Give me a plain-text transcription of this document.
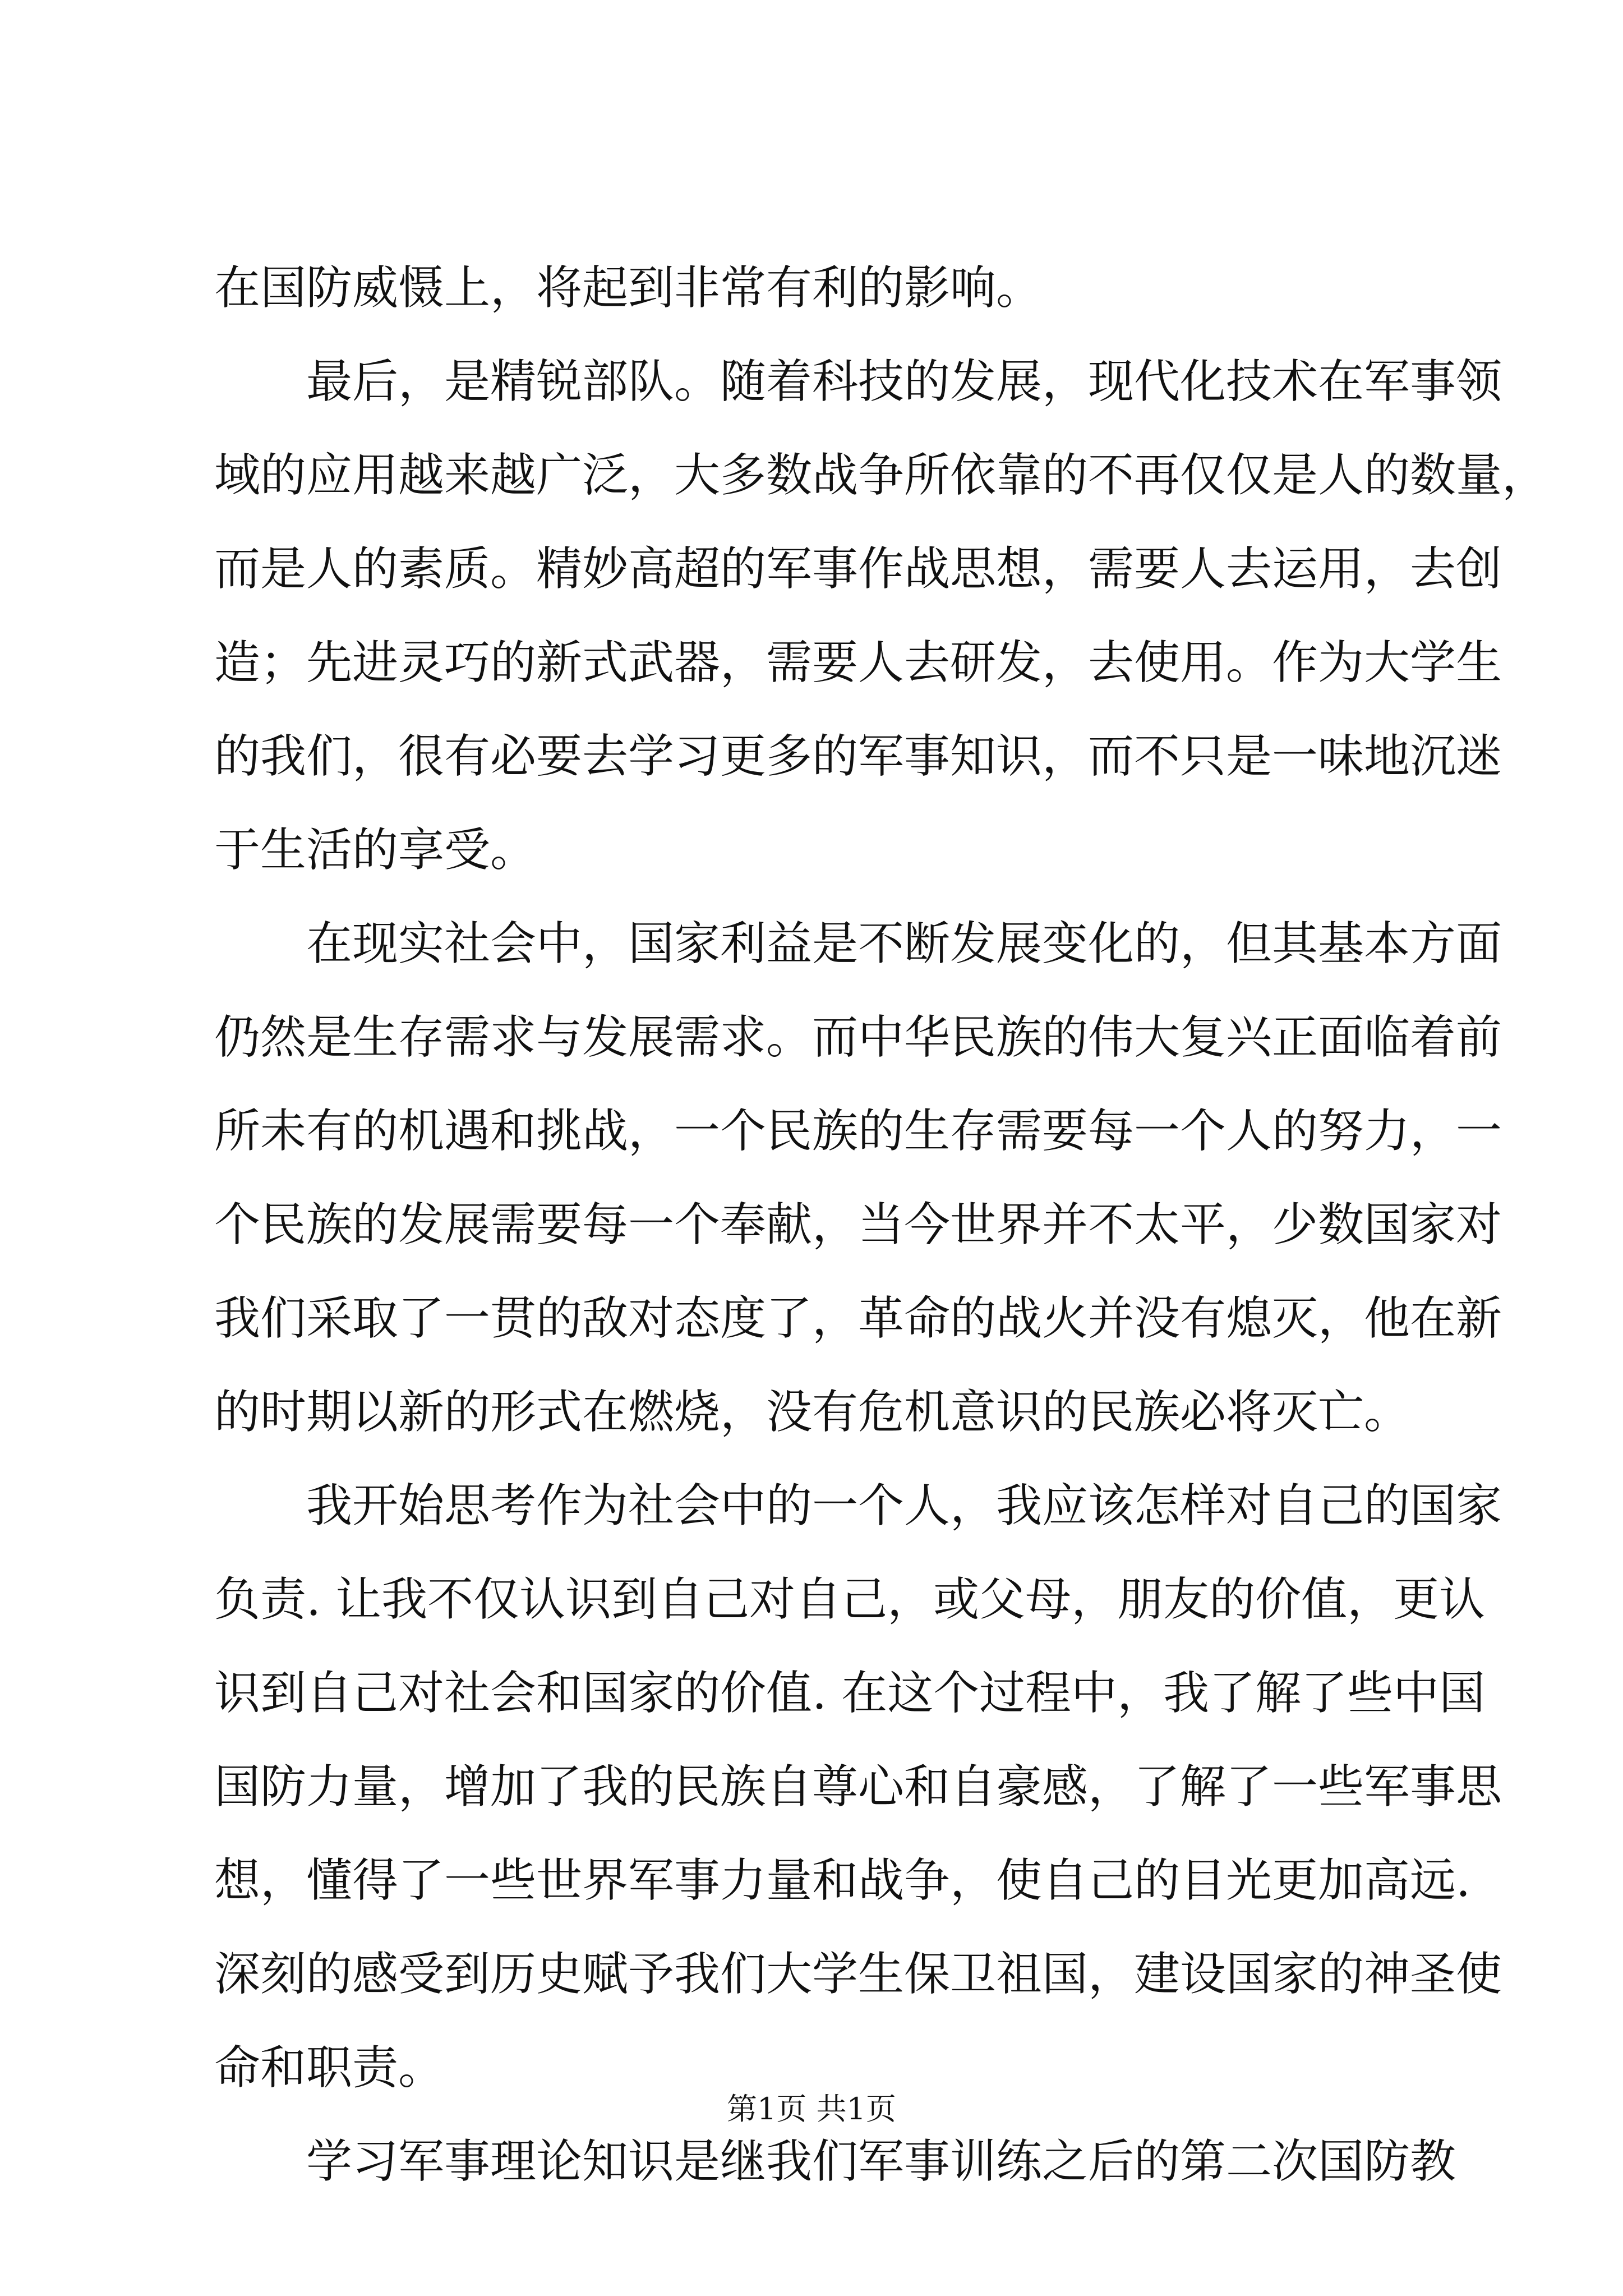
在国防威慑上，将起到非常有利的影响。
最后，是精锐部队。随着科技的发展，现代化技术在军事领
域的应用越来越广泛，大多数战争所依靠的不再仅仅是人的数量，
而是人的素质。精妙高超的军事作战思想，需要人去运用，去创
造；先进灵巧的新式武器，需要人去研发，去使用。作为大学生
的我们，很有必要去学习更多的军事知识，而不只是一味地沉迷
于生活的享受。
在现实社会中，国家利益是不断发展变化的，但其基本方面
仍然是生存需求与发展需求。而中华民族的伟大复兴正面临着前
所未有的机遇和挑战，一个民族的生存需要每一个人的努力，一
个民族的发展需要每一个奉献，当今世界并不太平，少数国家对
我们采取了一贯的敌对态度了，革命的战火并没有熄灭，他在新
的时期以新的形式在燃烧，没有危机意识的民族必将灭亡。
我开始思考作为社会中的一个人，我应该怎样对自己的国家
负责. 让我不仅认识到自己对自己，或父母，朋友的价值，更认
识到自己对社会和国家的价值. 在这个过程中，我了解了些中国
国防力量，增加了我的民族自尊心和自豪感，了解了一些军事思
想，懂得了一些世界军事力量和战争，使自己的目光更加高远.
深刻的感受到历史赋予我们大学生保卫祖国，建设国家的神圣使
命和职责。
学习军事理论知识是继我们军事训练之后的第二次国防教
第1页 共1页
